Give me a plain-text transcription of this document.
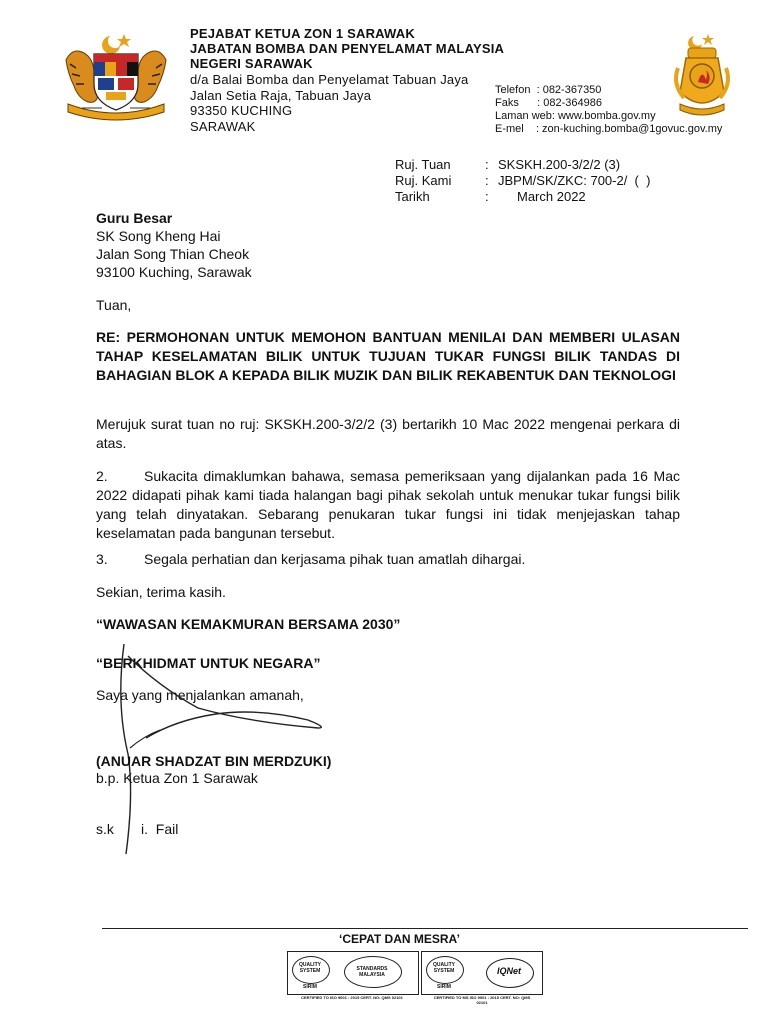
PEJABAT KETUA ZON 1 SARAWAK
JABATAN BOMBA DAN PENYELAMAT MALAYSIA
NEGERI SARAWAK
d/a Balai Bomba dan Penyelamat Tabuan Jaya
Jalan Setia Raja, Tabuan Jaya
93350 KUCHING
SARAWAK
Telefon  : 082-367350
Faks      : 082-364986
Laman web: www.bomba.gov.my
E-mel    : zon-kuching.bomba@1govuc.gov.my
Ruj. Tuan	: SKSKH.200-3/2/2 (3)
Ruj. Kami	: JBPM/SK/ZKC: 700-2/  (  )
Tarikh	: March 2022
Guru Besar
SK Song Kheng Hai
Jalan Song Thian Cheok
93100 Kuching, Sarawak
Tuan,
RE: PERMOHONAN UNTUK MEMOHON BANTUAN MENILAI DAN MEMBERI ULASAN TAHAP KESELAMATAN BILIK UNTUK TUJUAN TUKAR FUNGSI BILIK TANDAS DI BAHAGIAN BLOK A KEPADA BILIK MUZIK DAN BILIK REKABENTUK DAN TEKNOLOGI
Merujuk surat tuan no ruj: SKSKH.200-3/2/2 (3) bertarikh 10 Mac 2022 mengenai perkara di atas.
2.	Sukacita dimaklumkan bahawa, semasa pemeriksaan yang dijalankan pada 16 Mac 2022 didapati pihak kami tiada halangan bagi pihak sekolah untuk menukar tukar fungsi bilik yang telah dinyatakan. Sebarang penukaran tukar fungsi ini tidak menjejaskan tahap keselamatan pada bangunan tersebut.
3.	Segala perhatian dan kerjasama pihak tuan amatlah dihargai.
Sekian, terima kasih.
“WAWASAN KEMAKMURAN BERSAMA 2030”
“BERKHIDMAT UNTUK NEGARA”
Saya yang menjalankan amanah,
(ANUAR SHADZAT BIN MERDZUKI)
b.p. Ketua Zon 1 Sarawak
s.k i.  Fail
‘CEPAT DAN MESRA’
QUALITY SYSTEM
SIRIM
STANDARDS MALAYSIA
CERTIFIED TO ISO 9001 : 2015 CERT. NO: QMS 02101
QUALITY SYSTEM
SIRIM
IQNet
CERTIFIED TO MS ISO 9001 : 2015 CERT. NO: QMS 02101
